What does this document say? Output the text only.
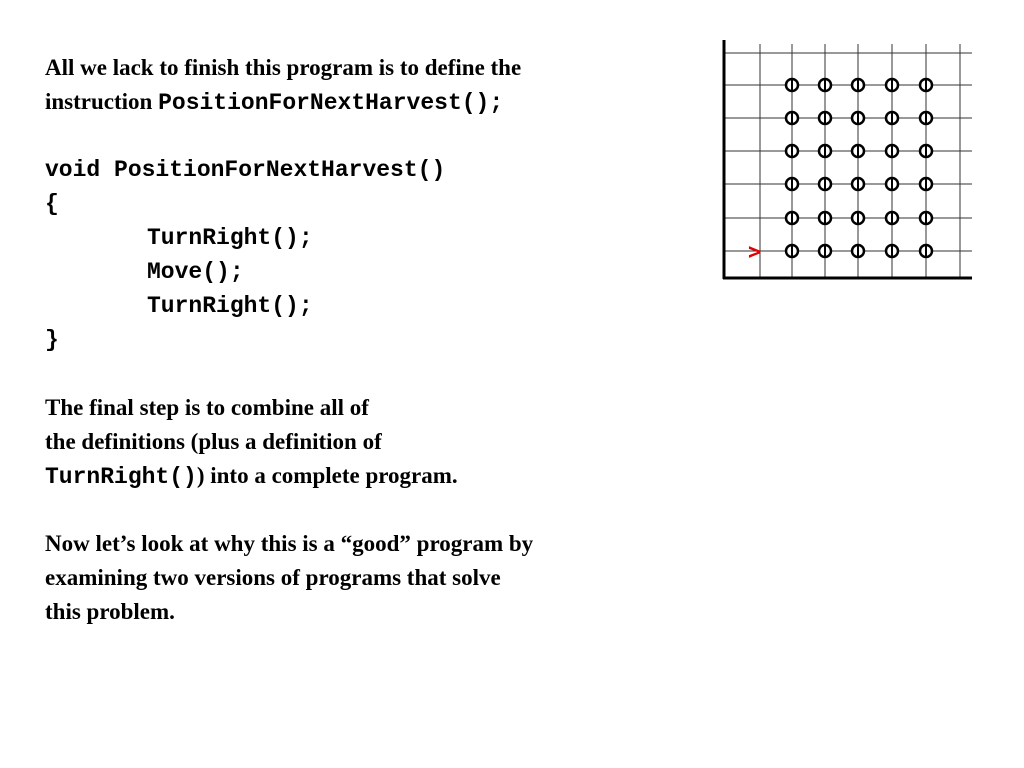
All we lack to finish this program is to define the
instruction PositionForNextHarvest();
void PositionForNextHarvest()
{
TurnRight();
Move();
TurnRight();
}
The final step is to combine all of
the definitions (plus a definition of
TurnRight()) into a complete program.
Now let’s look at why this is a “good” program by
examining two versions of programs that solve
this problem.
>
